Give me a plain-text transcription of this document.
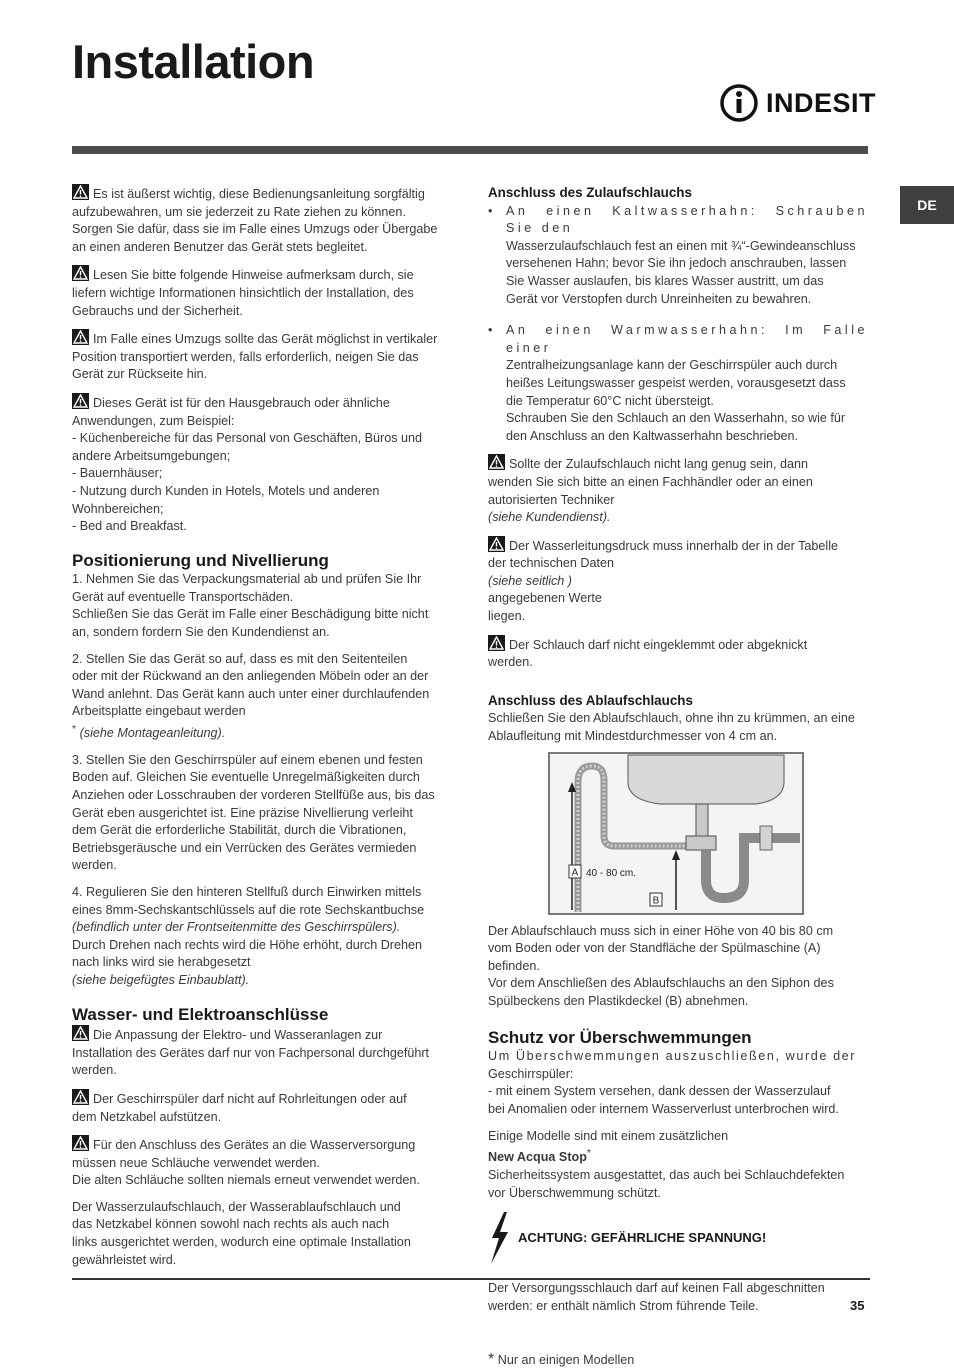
Installation
INDESIT
DE

Es ist äußerst wichtig, diese Bedienungsanleitung sorgfältig
aufzubewahren, um sie jederzeit zu Rate ziehen zu können.
Sorgen Sie dafür, dass sie im Falle eines Umzugs oder Übergabe
an einen anderen Benutzer das Gerät stets begleitet.

Lesen Sie bitte folgende Hinweise aufmerksam durch, sie
liefern wichtige Informationen hinsichtlich der Installation, des
Gebrauchs und der Sicherheit.

Im Falle eines Umzugs sollte das Gerät möglichst in vertikaler
Position transportiert werden, falls erforderlich, neigen Sie das
Gerät zur Rückseite hin.

Dieses Gerät ist für den Hausgebrauch oder ähnliche
Anwendungen, zum Beispiel:
- Küchenbereiche für das Personal von Geschäften, Büros und
andere Arbeitsumgebungen;
- Bauernhäuser;
- Nutzung durch Kunden in Hotels, Motels und anderen
Wohnbereichen;
- Bed and Breakfast.

Positionierung und Nivellierung

1. Nehmen Sie das Verpackungsmaterial ab und prüfen Sie Ihr
Gerät auf eventuelle Transportschäden.
Schließen Sie das Gerät im Falle einer Beschädigung bitte nicht
an, sondern fordern Sie den Kundendienst an.

2. Stellen Sie das Gerät so auf, dass es mit den Seitenteilen
oder mit der Rückwand an den anliegenden Möbeln oder an der
Wand anlehnt. Das Gerät kann auch unter einer durchlaufenden
Arbeitsplatte eingebaut werden
* (siehe Montageanleitung).

3. Stellen Sie den Geschirrspüler auf einem ebenen und festen
Boden auf. Gleichen Sie eventuelle Unregelmäßigkeiten durch
Anziehen oder Losschrauben der vorderen Stellfüße aus, bis das
Gerät eben ausgerichtet ist. Eine präzise Nivellierung verleiht
dem Gerät die erforderliche Stabilität, durch die Vibrationen,
Betriebsgeräusche und ein Verrücken des Gerätes vermieden
werden.

4. Regulieren Sie den hinteren Stellfuß durch Einwirken mittels
eines 8mm-Sechskantschlüssels auf die rote Sechskantbuchse
(befindlich unter der Frontseitenmitte des Geschirrspülers).
Durch Drehen nach rechts wird die Höhe erhöht, durch Drehen
nach links wird sie herabgesetzt
(siehe beigefügtes Einbaublatt).

Wasser- und Elektroanschlüsse

Die Anpassung der Elektro- und Wasseranlagen zur
Installation des Gerätes darf nur von Fachpersonal durchgeführt
werden.

Der Geschirrspüler darf nicht auf Rohrleitungen oder auf
dem Netzkabel aufstützen.

Für den Anschluss des Gerätes an die Wasserversorgung
müssen neue Schläuche verwendet werden.
Die alten Schläuche sollten niemals erneut verwendet werden.

Der Wasserzulaufschlauch, der Wasserablaufschlauch und
das Netzkabel können sowohl nach rechts als auch nach
links ausgerichtet werden, wodurch eine optimale Installation
gewährleistet wird.

Anschluss des Zulaufschlauchs
• An einen Kaltwasserhahn: Schrauben Sie den
Wasserzulaufschlauch fest an einen mit ¾“-Gewindeanschluss
versehenen Hahn; bevor Sie ihn jedoch anschrauben, lassen
Sie Wasser auslaufen, bis klares Wasser austritt, um das
Gerät vor Verstopfen durch Unreinheiten zu bewahren.
• An einen Warmwasserhahn: Im Falle einer
Zentralheizungsanlage kann der Geschirrspüler auch durch
heißes Leitungswasser gespeist werden, vorausgesetzt dass
die Temperatur 60°C nicht übersteigt.
Schrauben Sie den Schlauch an den Wasserhahn, so wie für
den Anschluss an den Kaltwasserhahn beschrieben.

Sollte der Zulaufschlauch nicht lang genug sein, dann
wenden Sie sich bitte an einen Fachhändler oder an einen
autorisierten Techniker
(siehe Kundendienst).

Der Wasserleitungsdruck muss innerhalb der in der Tabelle
der technischen Daten
(siehe seitlich )
angegebenen Werte
liegen.

Der Schlauch darf nicht eingeklemmt oder abgeknickt
werden.

Anschluss des Ablaufschlauchs

Schließen Sie den Ablaufschlauch, ohne ihn zu krümmen, an eine
Ablaufleitung mit Mindestdurchmesser von 4 cm an.

A 40 - 80 cm.
B

Der Ablaufschlauch muss sich in einer Höhe von 40 bis 80 cm
vom Boden oder von der Standfläche der Spülmaschine (A)
befinden.
Vor dem Anschließen des Ablaufschlauchs an den Siphon des
Spülbeckens den Plastikdeckel (B) abnehmen.

Schutz vor Überschwemmungen

Um Überschwemmungen auszuschließen, wurde der
Geschirrspüler:
- mit einem System versehen, dank dessen der Wasserzulauf
bei Anomalien oder internem Wasserverlust unterbrochen wird.

Einige Modelle sind mit einem zusätzlichen
New Acqua Stop*
Sicherheitssystem ausgestattet, das auch bei Schlauchdefekten
vor Überschwemmung schützt.

ACHTUNG: GEFÄHRLICHE SPANNUNG!

Der Versorgungsschlauch darf auf keinen Fall abgeschnitten
werden: er enthält nämlich Strom führende Teile.

* Nur an einigen Modellen
35
